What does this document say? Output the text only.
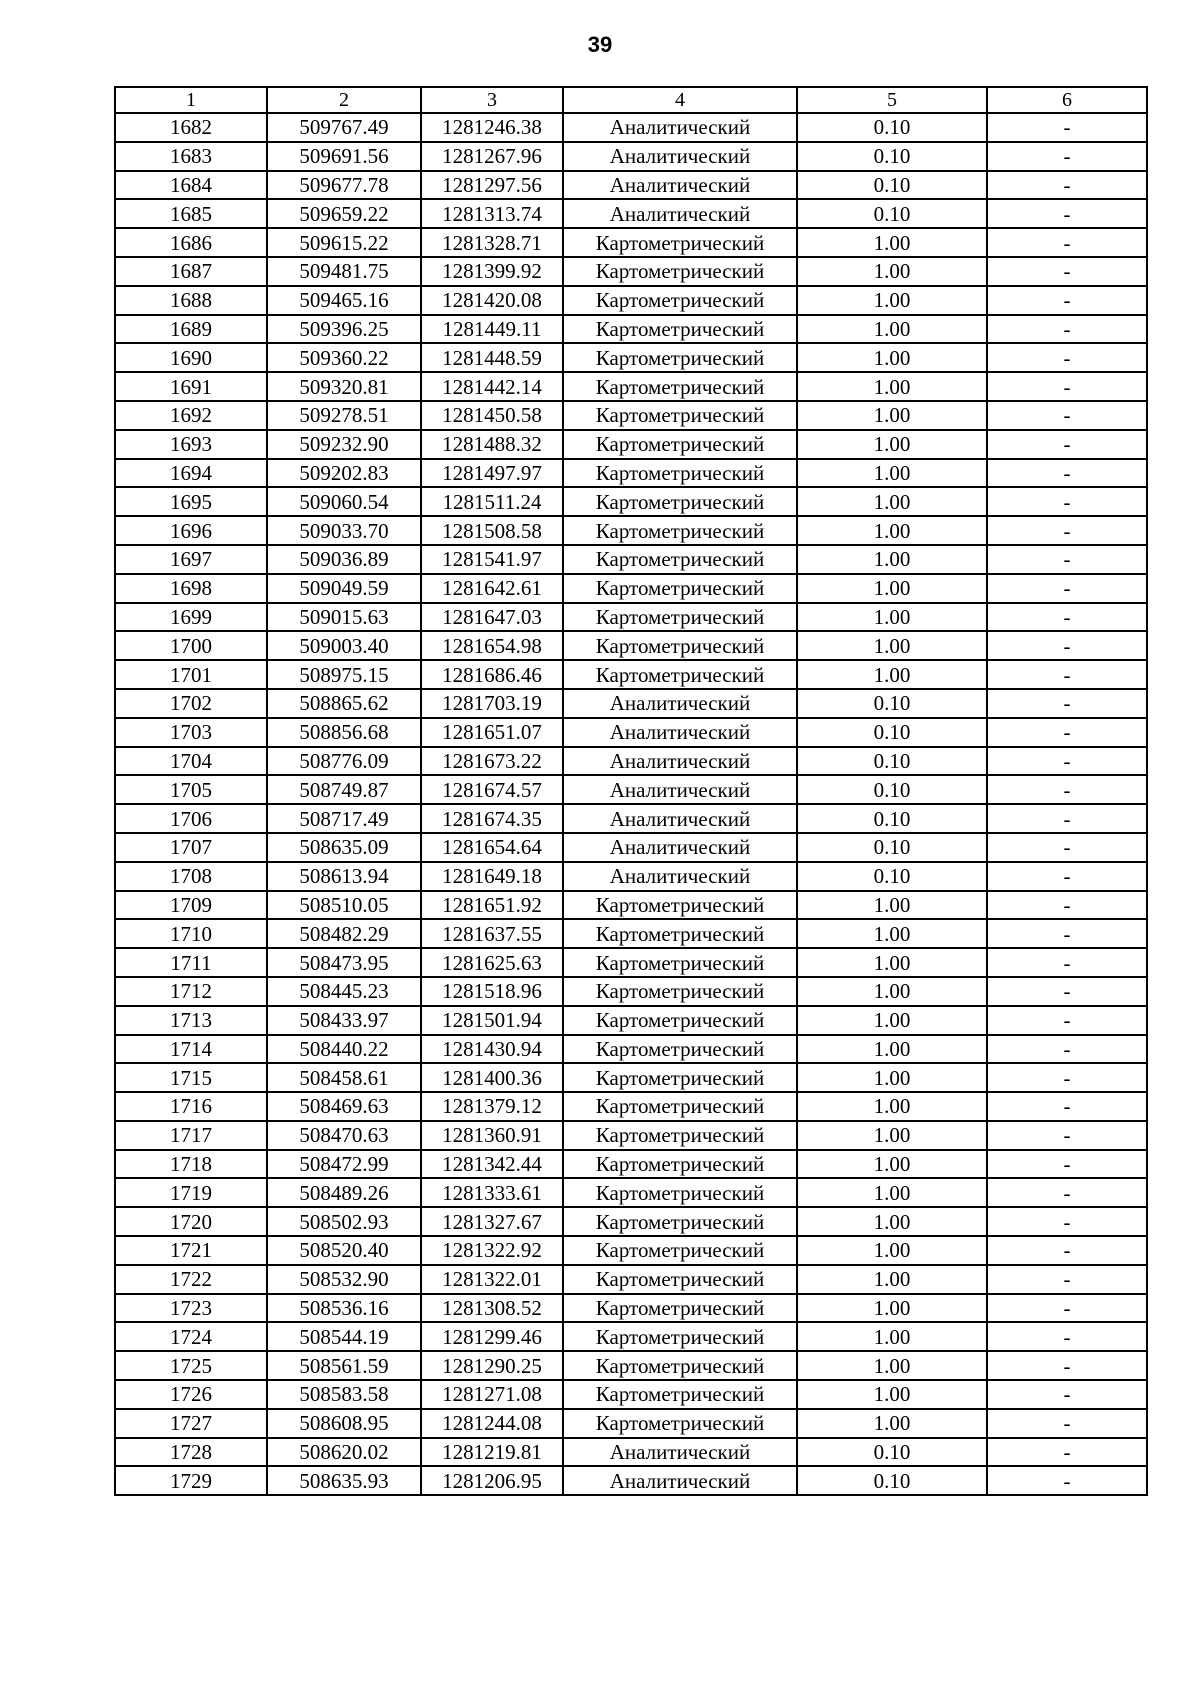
39
1	2	3	4	5	6
1682	509767.49	1281246.38	Аналитический	0.10	-
1683	509691.56	1281267.96	Аналитический	0.10	-
1684	509677.78	1281297.56	Аналитический	0.10	-
1685	509659.22	1281313.74	Аналитический	0.10	-
1686	509615.22	1281328.71	Картометрический	1.00	-
1687	509481.75	1281399.92	Картометрический	1.00	-
1688	509465.16	1281420.08	Картометрический	1.00	-
1689	509396.25	1281449.11	Картометрический	1.00	-
1690	509360.22	1281448.59	Картометрический	1.00	-
1691	509320.81	1281442.14	Картометрический	1.00	-
1692	509278.51	1281450.58	Картометрический	1.00	-
1693	509232.90	1281488.32	Картометрический	1.00	-
1694	509202.83	1281497.97	Картометрический	1.00	-
1695	509060.54	1281511.24	Картометрический	1.00	-
1696	509033.70	1281508.58	Картометрический	1.00	-
1697	509036.89	1281541.97	Картометрический	1.00	-
1698	509049.59	1281642.61	Картометрический	1.00	-
1699	509015.63	1281647.03	Картометрический	1.00	-
1700	509003.40	1281654.98	Картометрический	1.00	-
1701	508975.15	1281686.46	Картометрический	1.00	-
1702	508865.62	1281703.19	Аналитический	0.10	-
1703	508856.68	1281651.07	Аналитический	0.10	-
1704	508776.09	1281673.22	Аналитический	0.10	-
1705	508749.87	1281674.57	Аналитический	0.10	-
1706	508717.49	1281674.35	Аналитический	0.10	-
1707	508635.09	1281654.64	Аналитический	0.10	-
1708	508613.94	1281649.18	Аналитический	0.10	-
1709	508510.05	1281651.92	Картометрический	1.00	-
1710	508482.29	1281637.55	Картометрический	1.00	-
1711	508473.95	1281625.63	Картометрический	1.00	-
1712	508445.23	1281518.96	Картометрический	1.00	-
1713	508433.97	1281501.94	Картометрический	1.00	-
1714	508440.22	1281430.94	Картометрический	1.00	-
1715	508458.61	1281400.36	Картометрический	1.00	-
1716	508469.63	1281379.12	Картометрический	1.00	-
1717	508470.63	1281360.91	Картометрический	1.00	-
1718	508472.99	1281342.44	Картометрический	1.00	-
1719	508489.26	1281333.61	Картометрический	1.00	-
1720	508502.93	1281327.67	Картометрический	1.00	-
1721	508520.40	1281322.92	Картометрический	1.00	-
1722	508532.90	1281322.01	Картометрический	1.00	-
1723	508536.16	1281308.52	Картометрический	1.00	-
1724	508544.19	1281299.46	Картометрический	1.00	-
1725	508561.59	1281290.25	Картометрический	1.00	-
1726	508583.58	1281271.08	Картометрический	1.00	-
1727	508608.95	1281244.08	Картометрический	1.00	-
1728	508620.02	1281219.81	Аналитический	0.10	-
1729	508635.93	1281206.95	Аналитический	0.10	-
